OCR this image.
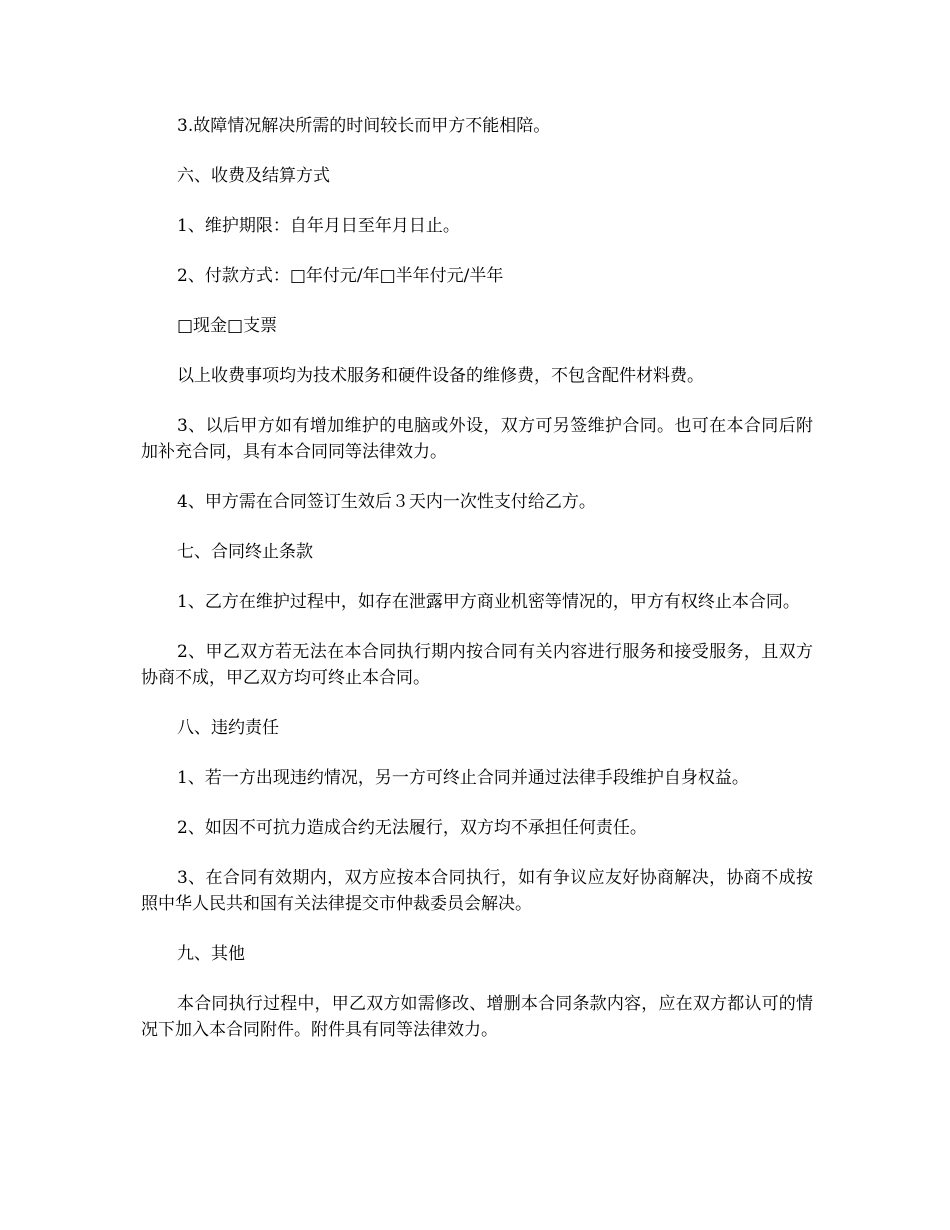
3.故障情况解决所需的时间较长而甲方不能相陪。

六、收费及结算方式

1、维护期限：自年月日至年月日止。

2、付款方式：□年付元/年□半年付元/半年

□现金□支票

以上收费事项均为技术服务和硬件设备的维修费，不包含配件材料费。

3、以后甲方如有增加维护的电脑或外设，双方可另签维护合同。也可在本合同后附加补充合同，具有本合同同等法律效力。

4、甲方需在合同签订生效后３天内一次性支付给乙方。

七、合同终止条款

1、乙方在维护过程中，如存在泄露甲方商业机密等情况的，甲方有权终止本合同。

2、甲乙双方若无法在本合同执行期内按合同有关内容进行服务和接受服务，且双方协商不成，甲乙双方均可终止本合同。

八、违约责任

1、若一方出现违约情况，另一方可终止合同并通过法律手段维护自身权益。

2、如因不可抗力造成合约无法履行，双方均不承担任何责任。

3、在合同有效期内，双方应按本合同执行，如有争议应友好协商解决，协商不成按照中华人民共和国有关法律提交市仲裁委员会解决。

九、其他

本合同执行过程中，甲乙双方如需修改、增删本合同条款内容，应在双方都认可的情况下加入本合同附件。附件具有同等法律效力。
